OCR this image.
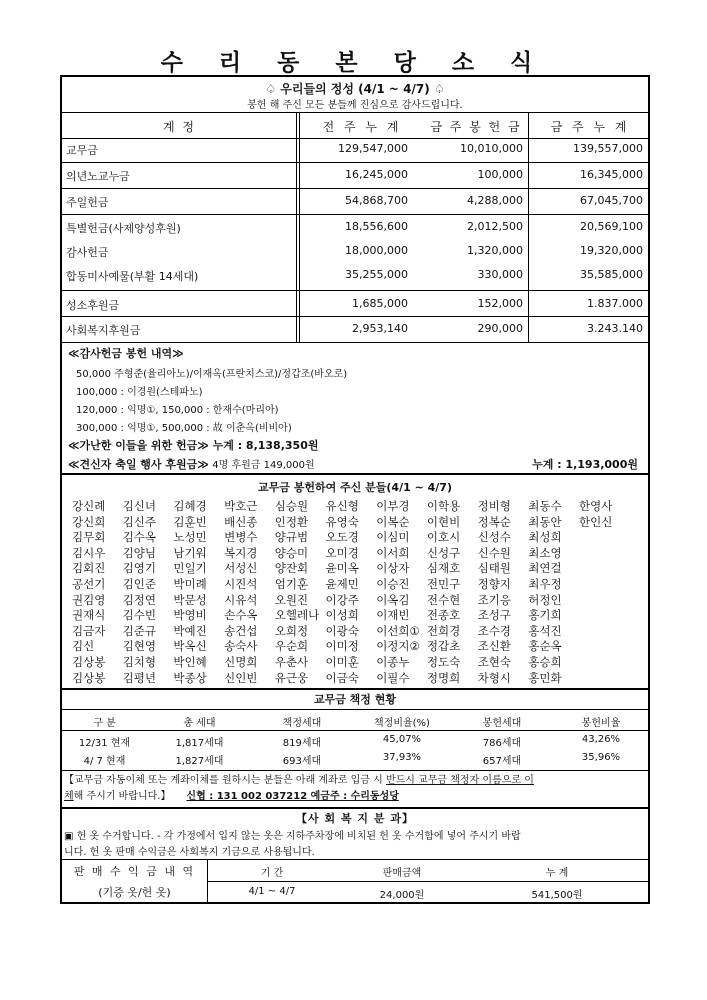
수 리 동 본 당 소 식
♤ 우리들의 정성 (4/1 ~ 4/7) ♤
봉헌 해 주신 모든 분들께 진심으로 감사드립니다.
계 정	전 주 누 계	금 주 봉 헌 금	금 주 누 계
교무금	129,547,000	10,010,000	139,557,000
의년노교누금	16,245,000	100,000	16,345,000
주일헌금	54,868,700	4,288,000	67,045,700
특별헌금(사제양성후원)	18,556,600	2,012,500	20,569,100
감사헌금	18,000,000	1,320,000	19,320,000
합동미사예물(부활 14세대)	35,255,000	330,000	35,585,000
성소후원금	1,685,000	152,000	1.837.000
사회복지후원금	2,953,140	290,000	3.243.140
≪감사헌금 봉헌 내역≫
50,000 주형준(율리아노)/이재옥(프란치스코)/정갑조(바오로)
100,000 : 이경원(스테파노)
120,000 : 익명①, 150,000 : 한재수(마리아)
300,000 : 익명①, 500,000 : 故 이춘옥(비비아)
≪가난한 이들을 위한 헌금≫ 누계 : 8,138,350원
≪견신자 축일 행사 후원금≫ 4명 후원금 149,000원	누계 : 1,193,000원
교무금 봉헌하여 주신 분들(4/1 ~ 4/7)
강신례 김신녀 김혜경 박호근 심승원 유신형 이부경 이학용 정비형 최동수 한영사
강신희 김신주 김훈빈 배신종 인정환 유영숙 이복순 이현비 정복순 최동안 한인신
김무회 김수옥 노성민 변병수 양규범 오도경 이심미 이호시 신성수 최성희
김시우 김양님 남기워 복지경 양승미 오미경 이서희 신성구 신수원 최소영
김회진 김영기 민일기 서성신 양잔회 윤미옥 이상자 심재호 심태원 최연걸
공선기 김인준 박미례 시진석 엄기훈 윤제민 이승진 전민구 정향지 최우정
권김영 김정연 박문성 시유석 오원진 이강주 이옥김 전수현 조기응 허정인
권재식 김수빈 박영비 손수옥 오헬레나 이성희 이재빈 전종호 조성구 홍기희
김금자 김준규 박예진 송건섭 오희정 이광숙 이선희① 전희경 조수경 홍석진
김신 김현영 박옥신 송숙사 우순희 이미정 이정지② 정갑초 조신환 홍순옥
김상봉 김치형 박인혜 신명희 우춘사 이미훈 이종누 정도숙 조현숙 홍승희
김상봉 김평년 박종상 신인빈 유근웅 이금숙 이필수 정명희 차형시 홍민화
교무금 책정 현황
구 분	총 세대	책정세대	책정비율(%)	봉헌세대	봉헌비율
12/31 현재	1,817세대	819세대	45,07%	786세대	43,26%
4/ 7 현재	1,827세대	693세대	37,93%	657세대	35,96%
【교무금 자동이체 또는 계좌이체를 원하시는 분들은 아래 계좌로 입금 시 반드시 교무금 책정자 이름으로 이
체해 주시기 바랍니다.】 신협 : 131 002 037212 예금주 : 수리동성당
【사 회 복 지 분 과】
▣ 헌 옷 수거합니다. - 각 가정에서 입지 않는 옷은 지하주차장에 비치된 헌 옷 수거함에 넣어 주시기 바랍
니다. 헌 옷 판매 수익금은 사회복지 기금으로 사용됩니다.
판 매 수 익 금 내 역
(기증 옷/헌 옷)
기 간	판매금액	누 계
4/1 ~ 4/7	24,000원	541,500원
